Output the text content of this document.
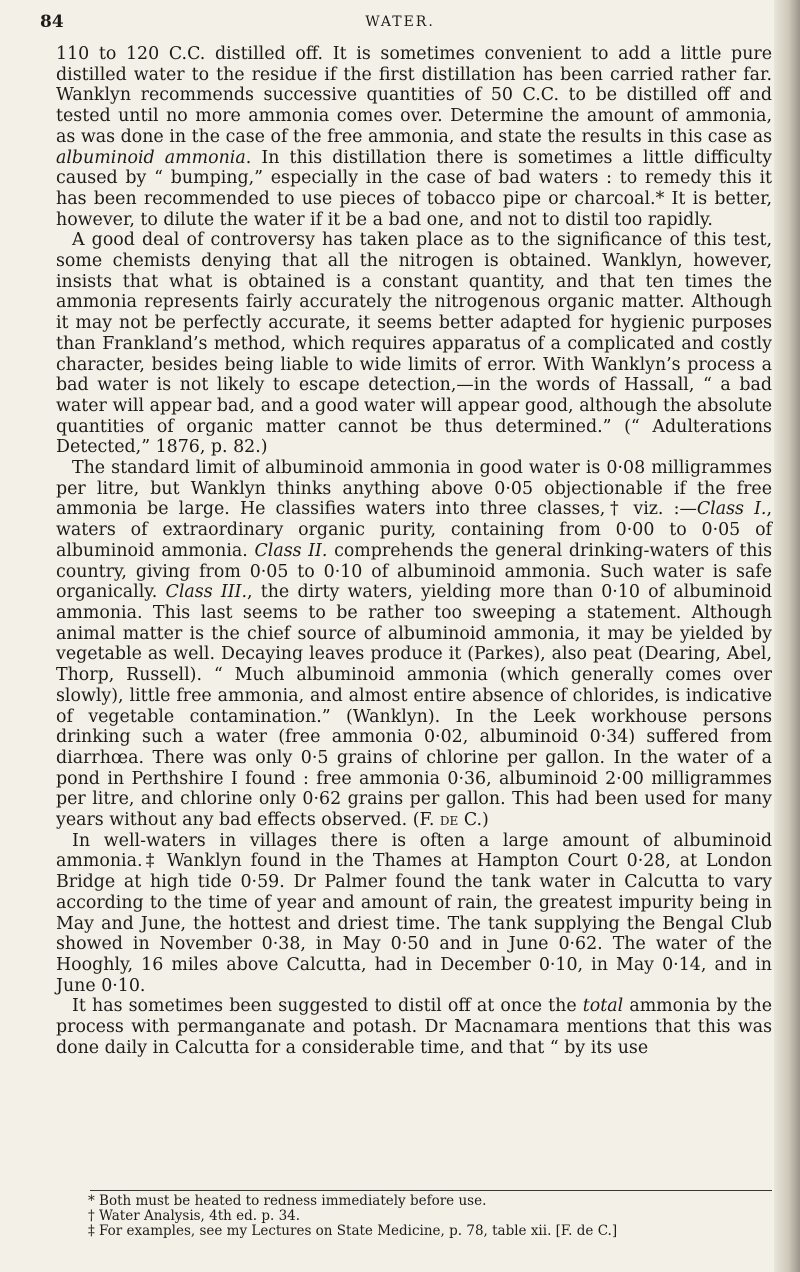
84	WATER.

110 to 120 C.C. distilled off. It is sometimes convenient to add a little pure distilled water to the residue if the first distillation has been carried rather far. Wanklyn recommends successive quantities of 50 C.C. to be distilled off and tested until no more ammonia comes over. Determine the amount of ammonia, as was done in the case of the free ammonia, and state the results in this case as albuminoid ammonia. In this distillation there is sometimes a little difficulty caused by “ bumping,” especially in the case of bad waters : to remedy this it has been recommended to use pieces of tobacco pipe or charcoal.* It is better, however, to dilute the water if it be a bad one, and not to distil too rapidly.

A good deal of controversy has taken place as to the significance of this test, some chemists denying that all the nitrogen is obtained. Wanklyn, however, insists that what is obtained is a constant quantity, and that ten times the ammonia represents fairly accurately the nitrogenous organic matter. Although it may not be perfectly accurate, it seems better adapted for hygienic purposes than Frankland’s method, which requires apparatus of a complicated and costly character, besides being liable to wide limits of error. With Wanklyn’s process a bad water is not likely to escape detection,—in the words of Hassall, “ a bad water will appear bad, and a good water will appear good, although the absolute quantities of organic matter cannot be thus determined.” (“ Adulterations Detected,” 1876, p. 82.)

The standard limit of albuminoid ammonia in good water is 0·08 milligrammes per litre, but Wanklyn thinks anything above 0·05 objectionable if the free ammonia be large. He classifies waters into three classes,† viz. :—Class I., waters of extraordinary organic purity, containing from 0·00 to 0·05 of albuminoid ammonia. Class II. comprehends the general drinking-waters of this country, giving from 0·05 to 0·10 of albuminoid ammonia. Such water is safe organically. Class III., the dirty waters, yielding more than 0·10 of albuminoid ammonia. This last seems to be rather too sweeping a statement. Although animal matter is the chief source of albuminoid ammonia, it may be yielded by vegetable as well. Decaying leaves produce it (Parkes), also peat (Dearing, Abel, Thorp, Russell). “ Much albuminoid ammonia (which generally comes over slowly), little free ammonia, and almost entire absence of chlorides, is indicative of vegetable contamination.” (Wanklyn). In the Leek workhouse persons drinking such a water (free ammonia 0·02, albuminoid 0·34) suffered from diarrhœa. There was only 0·5 grains of chlorine per gallon. In the water of a pond in Perthshire I found : free ammonia 0·36, albuminoid 2·00 milligrammes per litre, and chlorine only 0·62 grains per gallon. This had been used for many years without any bad effects observed. (F. de C.)

In well-waters in villages there is often a large amount of albuminoid ammonia.‡ Wanklyn found in the Thames at Hampton Court 0·28, at London Bridge at high tide 0·59. Dr Palmer found the tank water in Calcutta to vary according to the time of year and amount of rain, the greatest impurity being in May and June, the hottest and driest time. The tank supplying the Bengal Club showed in November 0·38, in May 0·50 and in June 0·62. The water of the Hooghly, 16 miles above Calcutta, had in December 0·10, in May 0·14, and in June 0·10.

It has sometimes been suggested to distil off at once the total ammonia by the process with permanganate and potash. Dr Macnamara mentions that this was done daily in Calcutta for a considerable time, and that “ by its use

* Both must be heated to redness immediately before use.
† Water Analysis, 4th ed. p. 34.
‡ For examples, see my Lectures on State Medicine, p. 78, table xii. [F. de C.]
